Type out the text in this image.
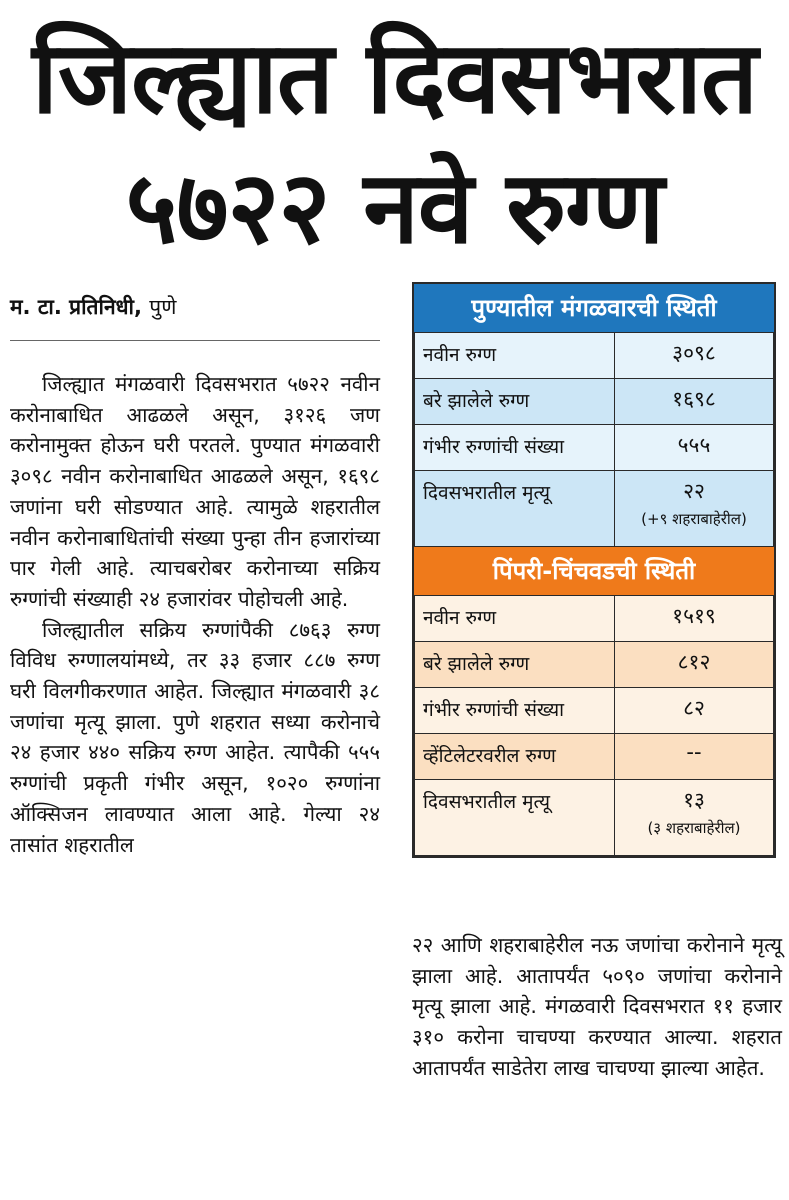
जिल्ह्यात दिवसभरात
५७२२ नवे रुग्ण
म. टा. प्रतिनिधी, पुणे

जिल्ह्यात मंगळवारी दिवसभरात ५७२२ नवीन करोनाबाधित आढळले असून, ३१२६ जण करोनामुक्त होऊन घरी परतले. पुण्यात मंगळवारी ३०९८ नवीन करोनाबाधित आढळले असून, १६९८ जणांना घरी सोडण्यात आहे. त्यामुळे शहरातील नवीन करोनाबाधितांची संख्या पुन्हा तीन हजारांच्या पार गेली आहे. त्याचबरोबर करोनाच्या सक्रिय रुग्णांची संख्याही २४ हजारांवर पोहोचली आहे.

जिल्ह्यातील सक्रिय रुग्णांपैकी ८७६३ रुग्ण विविध रुग्णालयांमध्ये, तर ३३ हजार ८८७ रुग्ण घरी विलगीकरणात आहेत. जिल्ह्यात मंगळवारी ३८ जणांचा मृत्यू झाला. पुणे शहरात सध्या करोनाचे २४ हजार ४४० सक्रिय रुग्ण आहेत. त्यापैकी ५५५ रुग्णांची प्रकृती गंभीर असून, १०२० रुग्णांना ऑक्सिजन लावण्यात आला आहे. गेल्या २४ तासांत शहरातील

पुण्यातील मंगळवारची स्थिती
नवीन रुग्ण	३०९८
बरे झालेले रुग्ण	१६९८
गंभीर रुग्णांची संख्या	५५५
दिवसभरातील मृत्यू	२२
(+९ शहराबाहेरील)
पिंपरी-चिंचवडची स्थिती
नवीन रुग्ण	१५१९
बरे झालेले रुग्ण	८१२
गंभीर रुग्णांची संख्या	८२
व्हेंटिलेटरवरील रुग्ण	--
दिवसभरातील मृत्यू	१३
(३ शहराबाहेरील)

२२ आणि शहराबाहेरील नऊ जणांचा करोनाने मृत्यू झाला आहे. आतापर्यंत ५०९० जणांचा करोनाने मृत्यू झाला आहे. मंगळवारी दिवसभरात ११ हजार ३१० करोना चाचण्या करण्यात आल्या. शहरात आतापर्यंत साडेतेरा लाख चाचण्या झाल्या आहेत.
